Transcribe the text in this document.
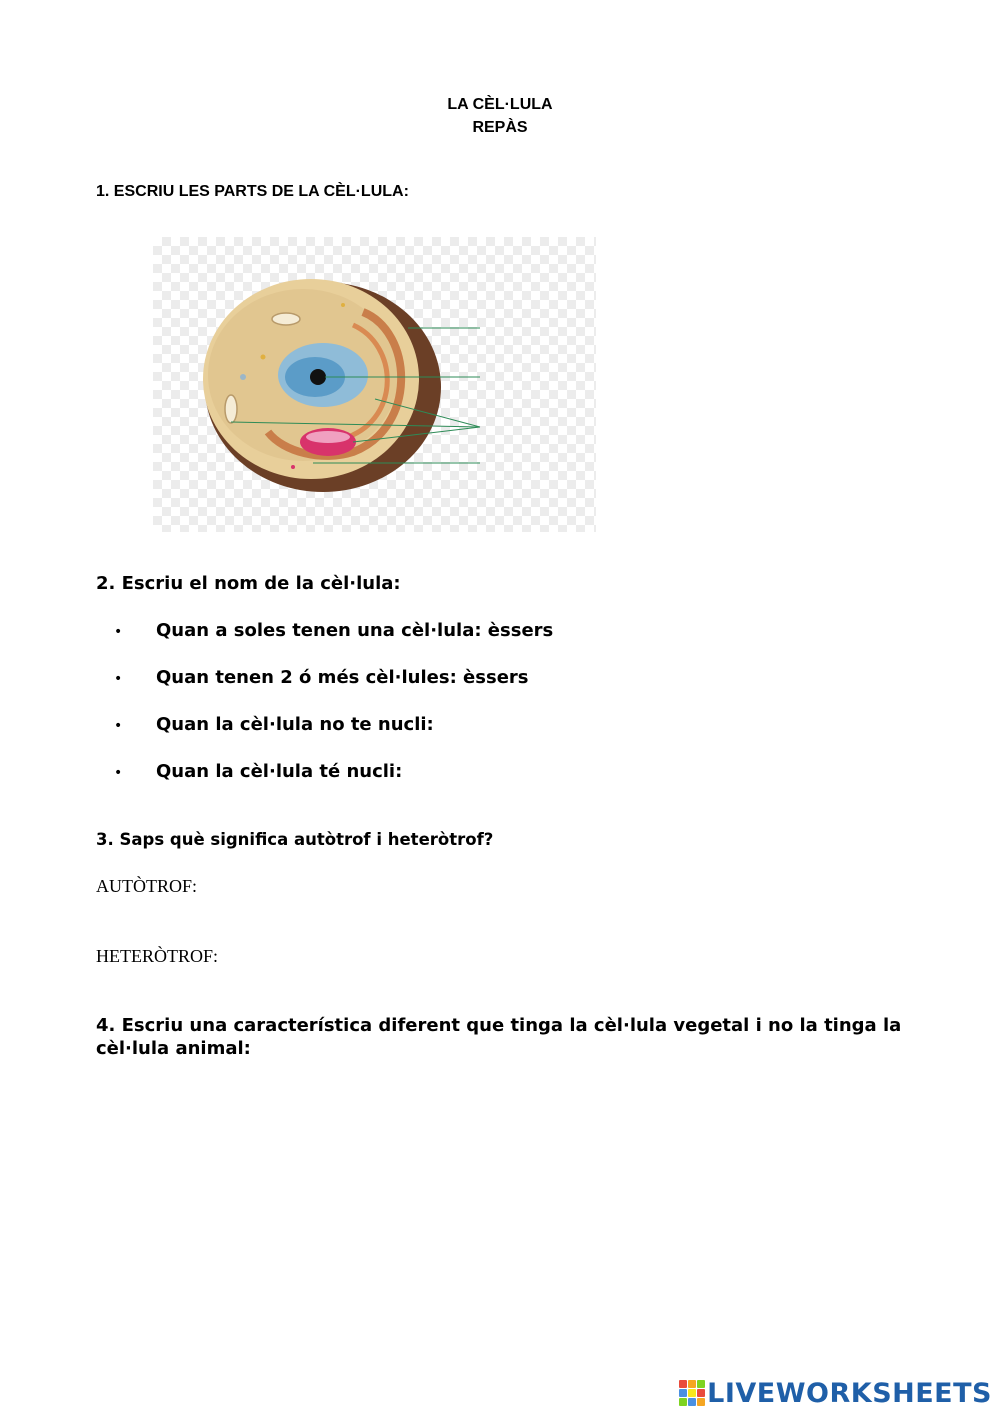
LA CÈL·LULA
REPÀS
1. ESCRIU LES PARTS DE LA CÈL·LULA:
2. Escriu el nom de la cèl·lula:
• Quan a soles tenen una cèl·lula: èssers
• Quan tenen 2 ó més cèl·lules: èssers
• Quan la cèl·lula no te nucli:
• Quan la cèl·lula té nucli:
3. Saps què significa autòtrof i heteròtrof?
AUTÒTROF:
HETERÒTROF:
4. Escriu una característica diferent que tinga la cèl·lula vegetal i no la tinga la
cèl·lula animal:
LIVEWORKSHEETS
